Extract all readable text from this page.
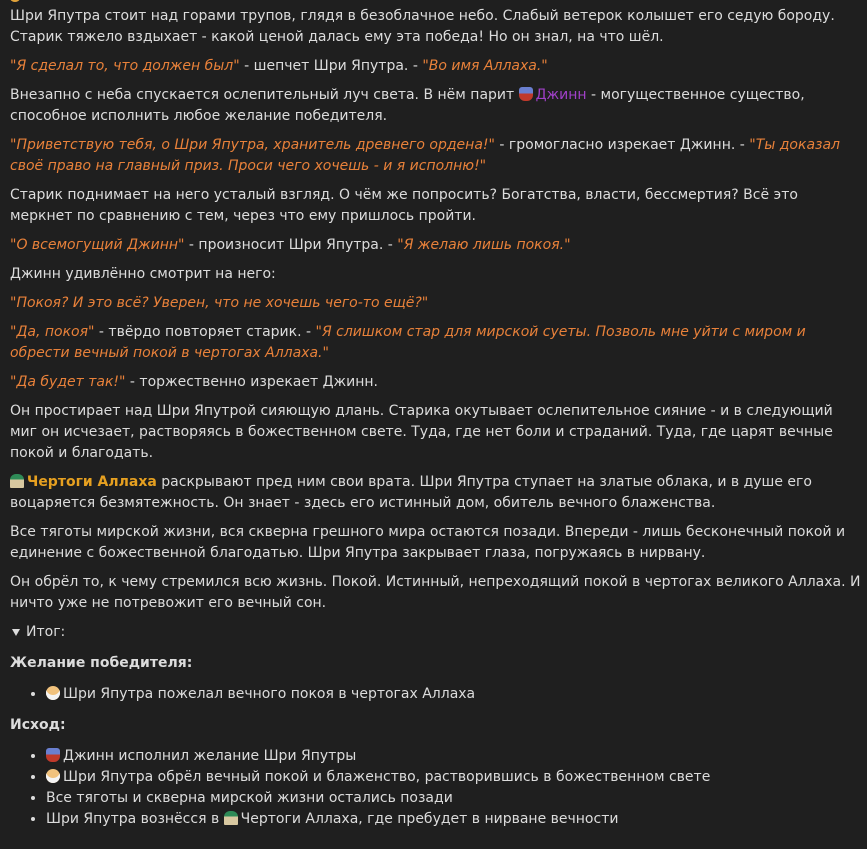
Шри Япутра стоит над горами трупов, глядя в безоблачное небо. Слабый ветерок колышет его седую бороду. Старик тяжело вздыхает - какой ценой далась ему эта победа! Но он знал, на что шёл.

"Я сделал то, что должен был" - шепчет Шри Япутра. - "Во имя Аллаха."

Внезапно с неба спускается ослепительный луч света. В нём парит Джинн - могущественное существо, способное исполнить любое желание победителя.

"Приветствую тебя, о Шри Япутра, хранитель древнего ордена!" - громогласно изрекает Джинн. - "Ты доказал своё право на главный приз. Проси чего хочешь - и я исполню!"

Старик поднимает на него усталый взгляд. О чём же попросить? Богатства, власти, бессмертия? Всё это меркнет по сравнению с тем, через что ему пришлось пройти.

"О всемогущий Джинн" - произносит Шри Япутра. - "Я желаю лишь покоя."

Джинн удивлённо смотрит на него:

"Покоя? И это всё? Уверен, что не хочешь чего-то ещё?"

"Да, покоя" - твёрдо повторяет старик. - "Я слишком стар для мирской суеты. Позволь мне уйти с миром и обрести вечный покой в чертогах Аллаха."

"Да будет так!" - торжественно изрекает Джинн.

Он простирает над Шри Япутрой сияющую длань. Старика окутывает ослепительное сияние - и в следующий миг он исчезает, растворяясь в божественном свете. Туда, где нет боли и страданий. Туда, где царят вечные покой и благодать.

Чертоги Аллаха раскрывают пред ним свои врата. Шри Япутра ступает на златые облака, и в душе его воцаряется безмятежность. Он знает - здесь его истинный дом, обитель вечного блаженства.

Все тяготы мирской жизни, вся скверна грешного мира остаются позади. Впереди - лишь бесконечный покой и единение с божественной благодатью. Шри Япутра закрывает глаза, погружаясь в нирвану.

Он обрёл то, к чему стремился всю жизнь. Покой. Истинный, непреходящий покой в чертогах великого Аллаха. И ничто уже не потревожит его вечный сон.

Итог:
Желание победителя:
• Шри Япутра пожелал вечного покоя в чертогах Аллаха
Исход:
• Джинн исполнил желание Шри Япутры
• Шри Япутра обрёл вечный покой и блаженство, растворившись в божественном свете
• Все тяготы и скверна мирской жизни остались позади
• Шри Япутра вознёсся в Чертоги Аллаха, где пребудет в нирване вечности
